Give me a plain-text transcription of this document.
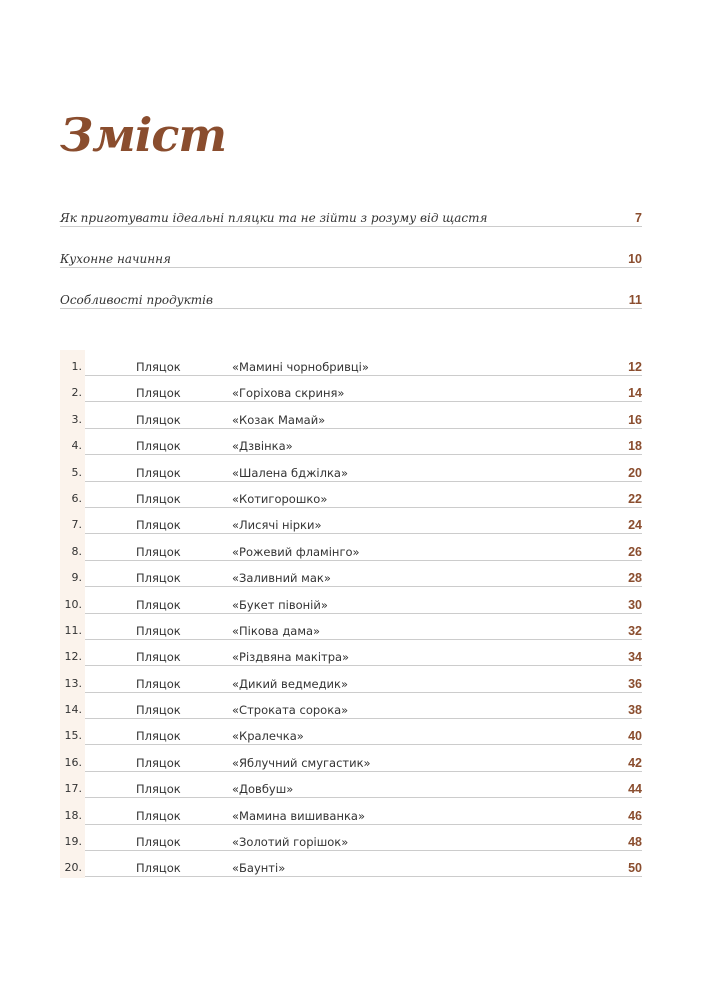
Зміст
Як приготувати ідеальні пляцки та не зійти з розуму від щастя	7
Кухонне начиння	10
Особливості продуктів	11
1.	Пляцок	«Мамині чорнобривці»	12
2.	Пляцок	«Горіхова скриня»	14
3.	Пляцок	«Козак Мамай»	16
4.	Пляцок	«Дзвінка»	18
5.	Пляцок	«Шалена бджілка»	20
6.	Пляцок	«Котигорошко»	22
7.	Пляцок	«Лисячі нірки»	24
8.	Пляцок	«Рожевий фламінго»	26
9.	Пляцок	«Заливний мак»	28
10.	Пляцок	«Букет півоній»	30
11.	Пляцок	«Пікова дама»	32
12.	Пляцок	«Різдвяна макітра»	34
13.	Пляцок	«Дикий ведмедик»	36
14.	Пляцок	«Строката сорока»	38
15.	Пляцок	«Кралечка»	40
16.	Пляцок	«Яблучний смугастик»	42
17.	Пляцок	«Довбуш»	44
18.	Пляцок	«Мамина вишиванка»	46
19.	Пляцок	«Золотий горішок»	48
20.	Пляцок	«Баунті»	50
